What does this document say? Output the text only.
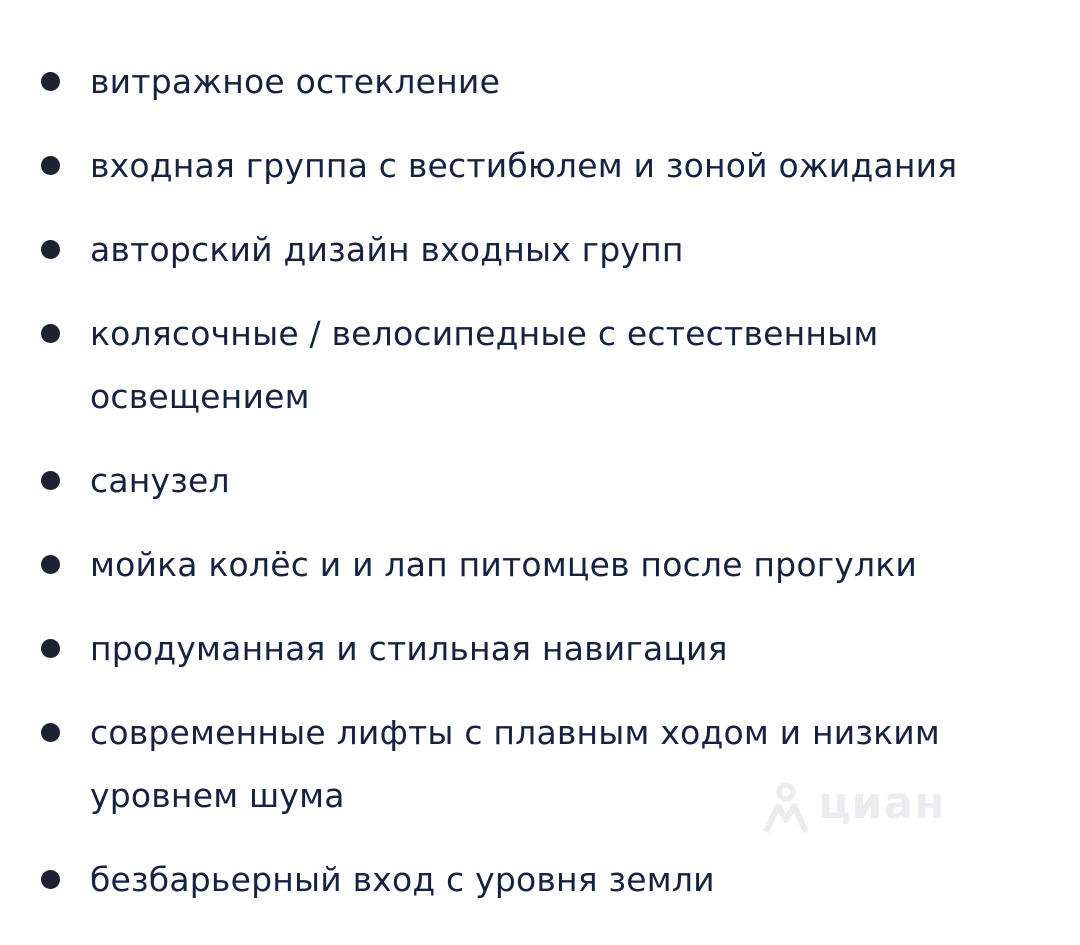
витражное остекление
входная группа с вестибюлем и зоной ожидания
авторский дизайн входных групп
колясочные / велосипедные с естественным освещением
санузел
мойка колёс и и лап питомцев после прогулки
продуманная и стильная навигация
современные лифты с плавным ходом и низким уровнем шума
безбарьерный вход с уровня земли
циан
